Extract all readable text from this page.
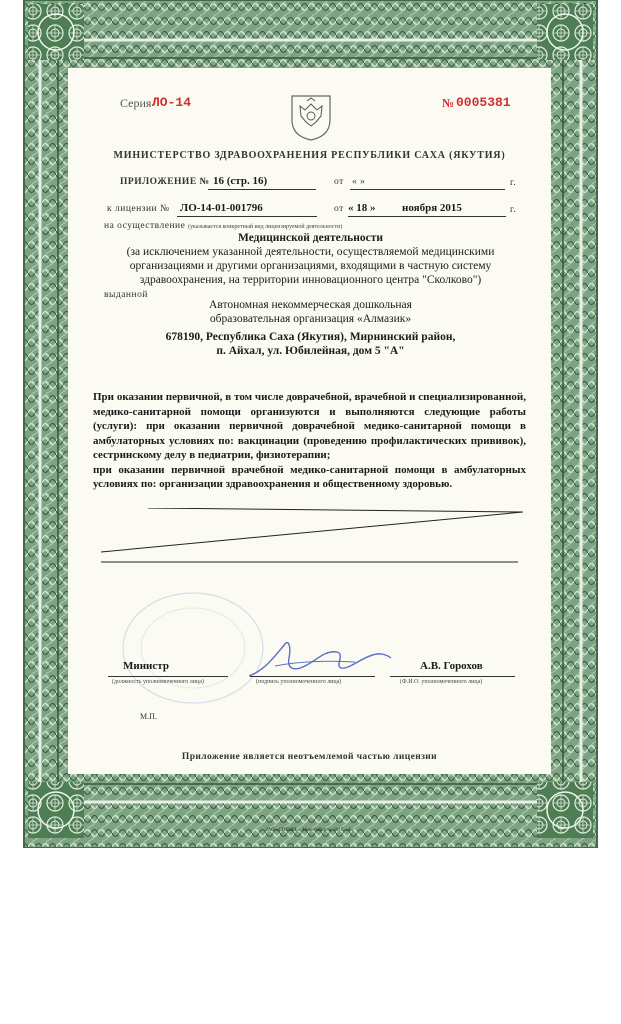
Серия ЛО-14	№ 0005381
МИНИСТЕРСТВО ЗДРАВООХРАНЕНИЯ РЕСПУБЛИКИ САХА (ЯКУТИЯ)
ПРИЛОЖЕНИЕ № 16 (стр. 16)	от « »	г.
к лицензии № ЛО-14-01-001796	от « 18 » ноября 2015	г.
на осуществление (указывается конкретный вид лицензируемой деятельности)
Медицинской деятельности
(за исключением указанной деятельности, осуществляемой медицинскими
организациями и другими организациями, входящими в частную систему
здравоохранения, на территории инновационного центра "Сколково")
выданной
Автономная некоммерческая дошкольная
образовательная организация «Алмазик»
678190, Республика Саха (Якутия), Мирнинский район,
п. Айхал, ул. Юбилейная, дом 5 "А"

При оказании первичной, в том числе доврачебной, врачебной и специализированной, медико-санитарной помощи организуются и выполняются следующие работы (услуги): при оказании первичной доврачебной медико-санитарной помощи в амбулаторных условиях по: вакцинации (проведению профилактических прививок), сестринскому делу в педиатрии, физиотерапии;

при оказании первичной врачебной медико-санитарной помощи в амбулаторных условиях по: организации здравоохранения и общественному здоровью.

Министр
(должность уполномоченного лица)	(подпись уполномоченного лица)
А.В. Горохов
(Ф.И.О. уполномоченного лица)
М.П.
Приложение является неотъемлемой частью лицензии
ЗАО «СИБИРЬ», Новосибирск, 2015, «Б»
